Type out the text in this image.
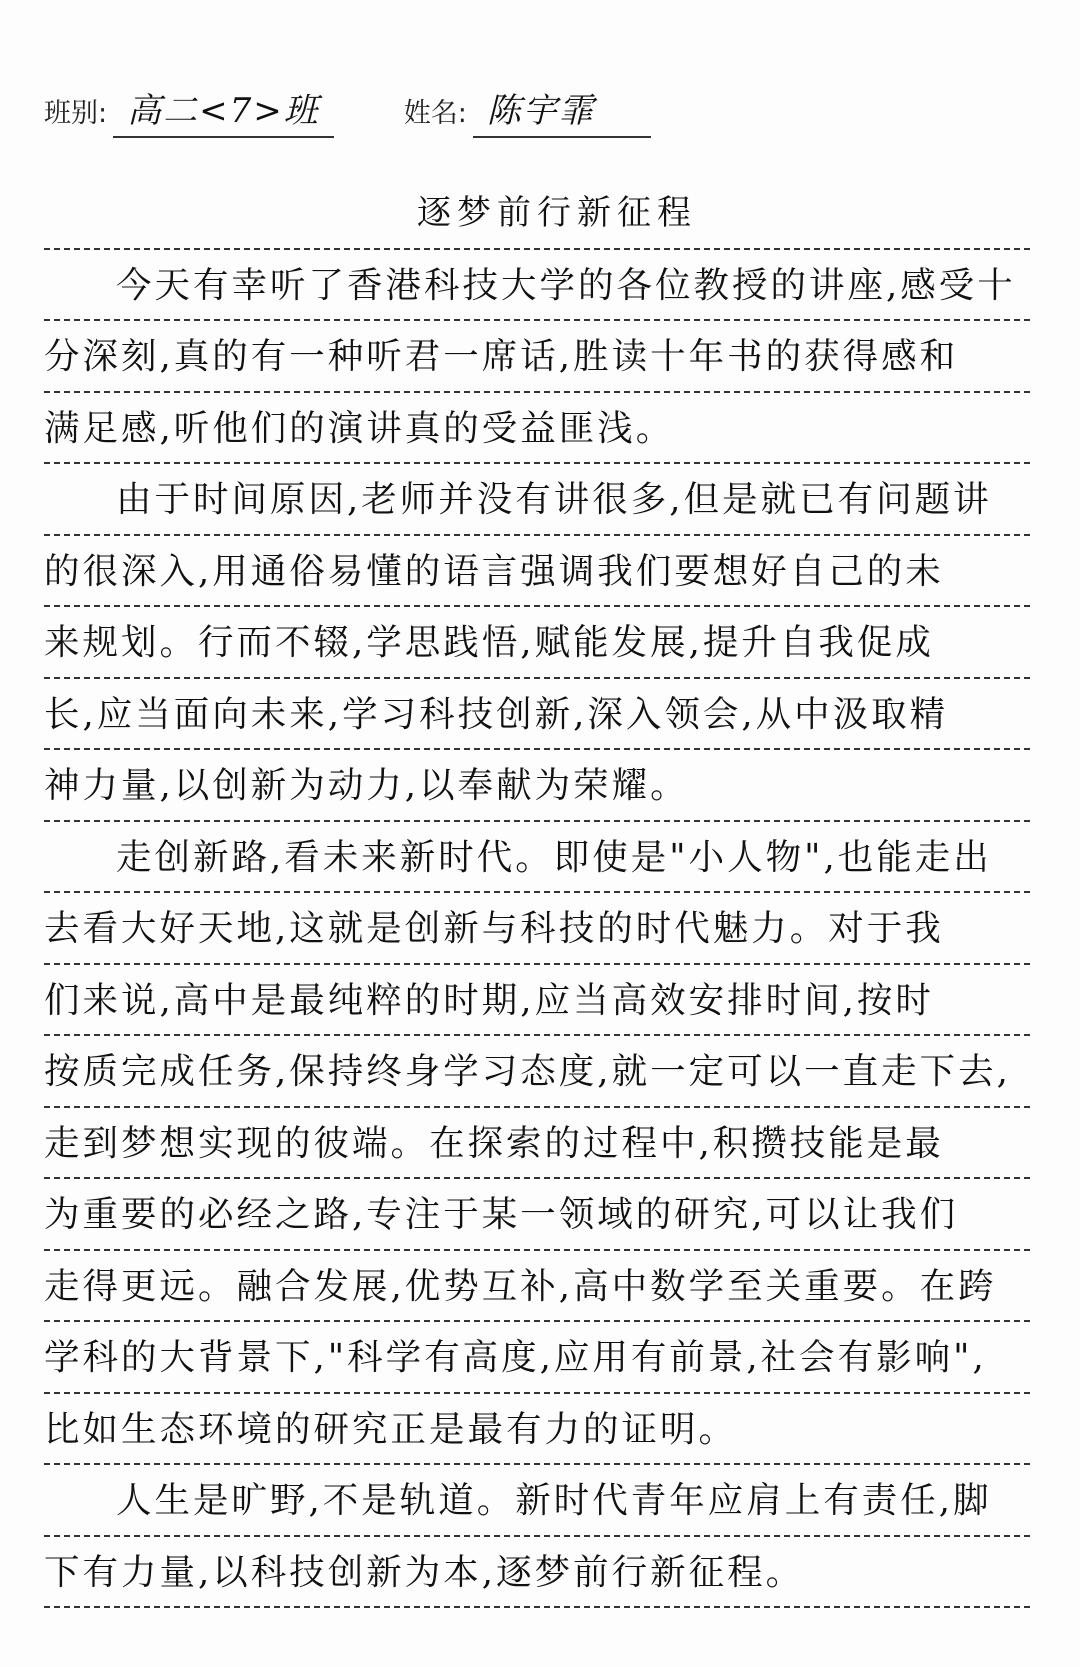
班别: 高二<7>班	姓名: 陈宇霏
逐梦前行新征程
今天有幸听了香港科技大学的各位教授的讲座,感受十
分深刻,真的有一种听君一席话,胜读十年书的获得感和
满足感,听他们的演讲真的受益匪浅。
由于时间原因,老师并没有讲很多,但是就已有问题讲
的很深入,用通俗易懂的语言强调我们要想好自己的未
来规划。行而不辍,学思践悟,赋能发展,提升自我促成
长,应当面向未来,学习科技创新,深入领会,从中汲取精
神力量,以创新为动力,以奉献为荣耀。
走创新路,看未来新时代。即使是"小人物",也能走出
去看大好天地,这就是创新与科技的时代魅力。对于我
们来说,高中是最纯粹的时期,应当高效安排时间,按时
按质完成任务,保持终身学习态度,就一定可以一直走下去,
走到梦想实现的彼端。在探索的过程中,积攒技能是最
为重要的必经之路,专注于某一领域的研究,可以让我们
走得更远。融合发展,优势互补,高中数学至关重要。在跨
学科的大背景下,"科学有高度,应用有前景,社会有影响",
比如生态环境的研究正是最有力的证明。
人生是旷野,不是轨道。新时代青年应肩上有责任,脚
下有力量,以科技创新为本,逐梦前行新征程。
